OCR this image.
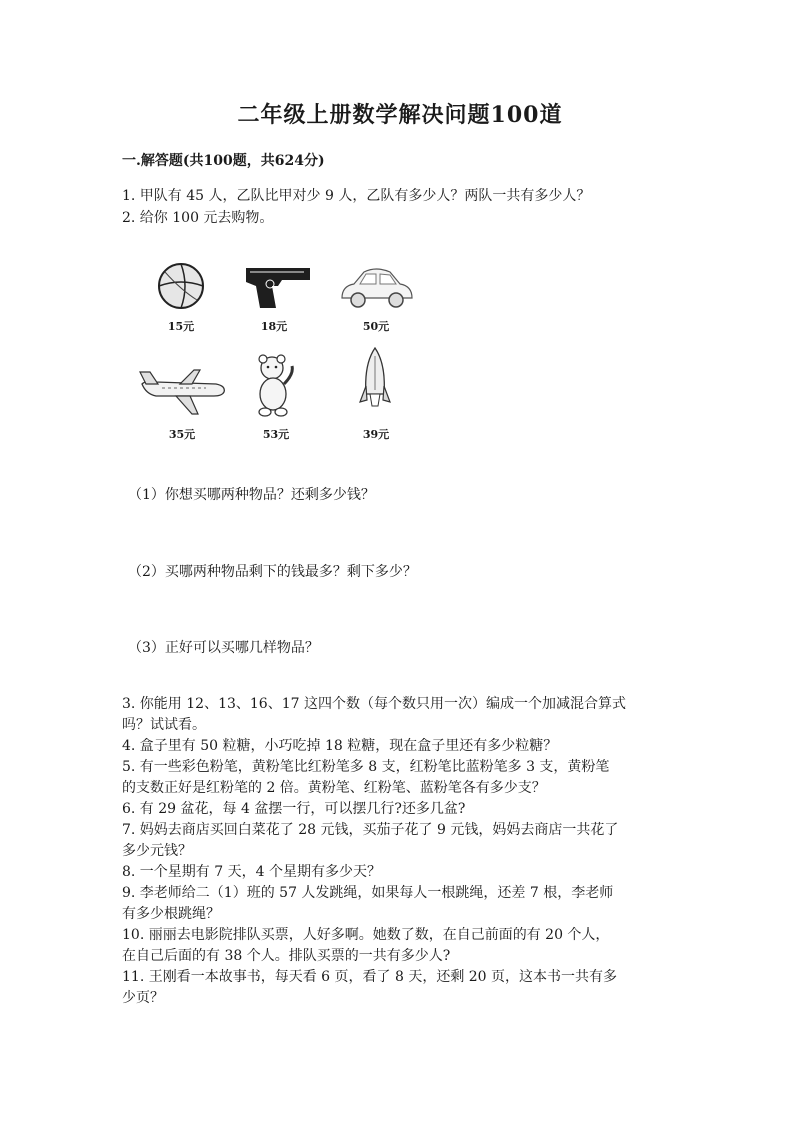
二年级上册数学解决问题100道
一.解答题(共100题，共624分)
1. 甲队有 45 人，乙队比甲对少 9 人，乙队有多少人？两队一共有多少人？
2. 给你 100 元去购物。
15元	18元	50元
35元	53元	39元
（1）你想买哪两种物品？还剩多少钱？
（2）买哪两种物品剩下的钱最多？剩下多少？
（3）正好可以买哪几样物品？
3. 你能用 12、13、16、17 这四个数（每个数只用一次）编成一个加减混合算式
吗？试试看。
4. 盒子里有 50 粒糖，小巧吃掉 18 粒糖，现在盒子里还有多少粒糖？
5. 有一些彩色粉笔，黄粉笔比红粉笔多 8 支，红粉笔比蓝粉笔多 3 支，黄粉笔
的支数正好是红粉笔的 2 倍。黄粉笔、红粉笔、蓝粉笔各有多少支？
6. 有 29 盆花，每 4 盆摆一行，可以摆几行?还多几盆?
7. 妈妈去商店买回白菜花了 28 元钱，买茄子花了 9 元钱，妈妈去商店一共花了
多少元钱？
8. 一个星期有 7 天，4 个星期有多少天？
9. 李老师给二（1）班的 57 人发跳绳，如果每人一根跳绳，还差 7 根，李老师
有多少根跳绳？
10. 丽丽去电影院排队买票，人好多啊。她数了数，在自己前面的有 20 个人，
在自己后面的有 38 个人。排队买票的一共有多少人?
11. 王刚看一本故事书，每天看 6 页，看了 8 天，还剩 20 页，这本书一共有多
少页？
